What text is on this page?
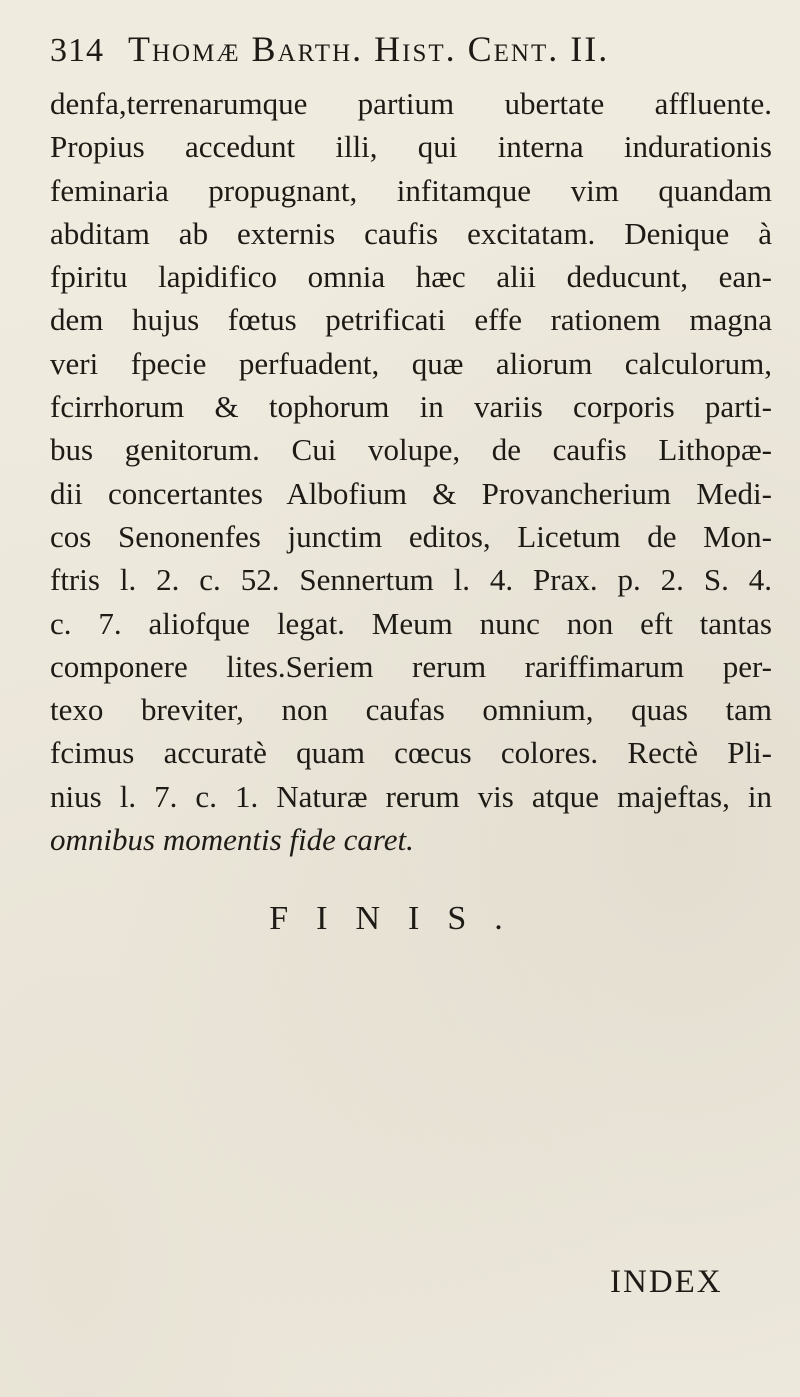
314 Thomæ Barth. Hist. Cent. II.
denfa,terrenarumque partium ubertate affluente.
Propius accedunt illi, qui interna indurationis
feminaria propugnant, infitamque vim quandam
abditam ab externis caufis excitatam. Denique à
fpiritu lapidifico omnia hæc alii deducunt, ean-
dem hujus fœtus petrificati effe rationem magna
veri fpecie perfuadent, quæ aliorum calculorum,
fcirrhorum & tophorum in variis corporis parti-
bus genitorum. Cui volupe, de caufis Lithopæ-
dii concertantes Albofium & Provancherium Medi-
cos Senonenfes junctim editos, Licetum de Mon-
ftris l. 2. c. 52. Sennertum l. 4. Prax. p. 2. S. 4.
c. 7. aliofque legat. Meum nunc non eft tantas
componere lites.Seriem rerum rariffimarum per-
texo breviter, non caufas omnium, quas tam
fcimus accuratè quam cœcus colores. Rectè Pli-
nius l. 7. c. 1. Naturæ rerum vis atque majeftas, in
omnibus momentis fide caret.
FINIS.
INDEX
